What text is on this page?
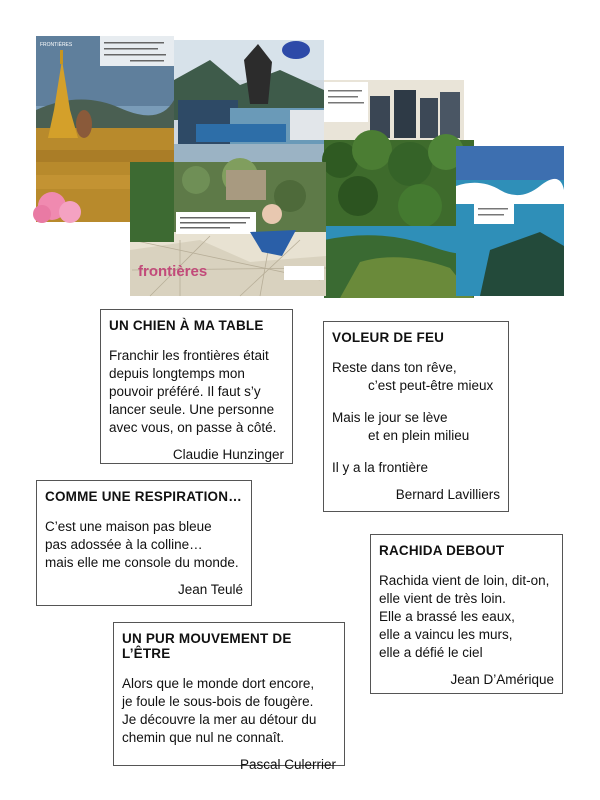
FRONTIÈRES
frontières
UN CHIEN À MA TABLE

Franchir les frontières était

depuis longtemps mon

pouvoir préféré. Il faut s’y

lancer seule. Une personne

avec vous, on passe à côté.

Claudie Hunzinger
VOLEUR DE FEU

Reste dans ton rêve,

c’est peut-être mieux

Mais le jour se lève

et en plein milieu

Il y a la frontière

Bernard Lavilliers
COMME UNE RESPIRATION…

C’est une maison pas bleue

pas adossée à la colline…

mais elle me console du monde.

Jean Teulé
RACHIDA DEBOUT

Rachida vient de loin, dit-on,

elle vient de très loin.

Elle a brassé les eaux,

elle a vaincu les murs,

elle a défié le ciel

Jean D’Amérique
UN PUR MOUVEMENT DE L’ÊTRE

Alors que le monde dort encore,

je foule le sous-bois de fougère.

Je découvre la mer au détour du

chemin que nul ne connaît.

Pascal Culerrier
